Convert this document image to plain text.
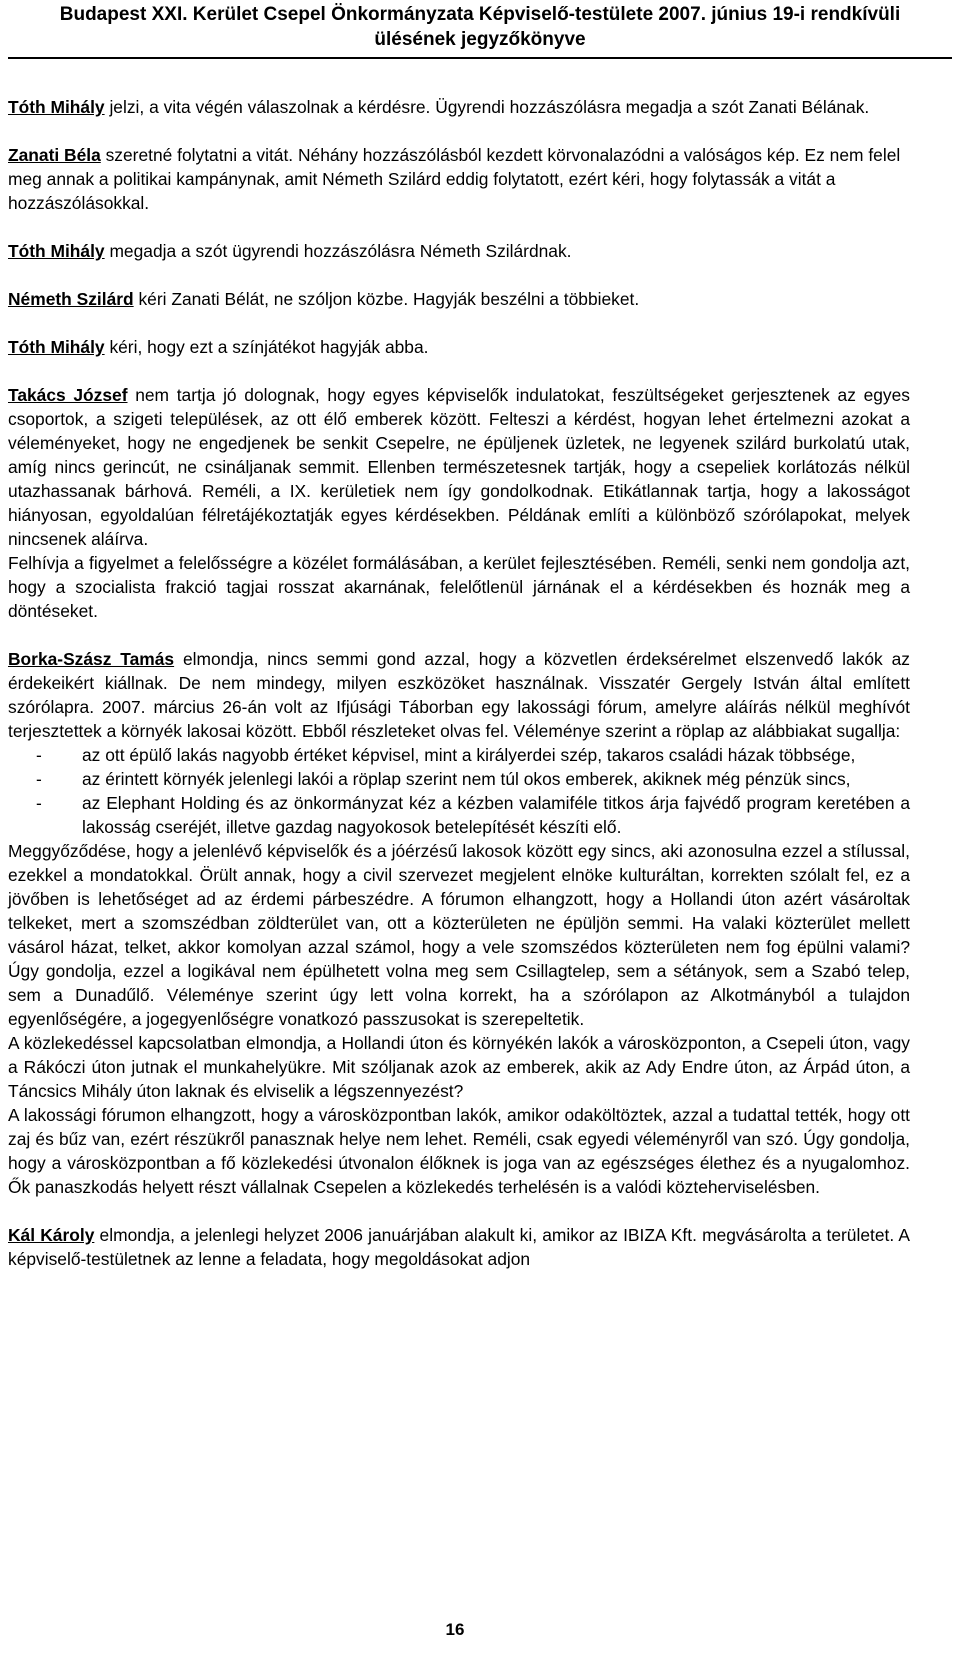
Budapest XXI. Kerület Csepel Önkormányzata Képviselő-testülete 2007. június 19-i rendkívüli
ülésének jegyzőkönyve

Tóth Mihály jelzi, a vita végén válaszolnak a kérdésre. Ügyrendi hozzászólásra megadja a szót Zanati Bélának.

Zanati Béla szeretné folytatni a vitát. Néhány hozzászólásból kezdett körvonalazódni a valóságos kép. Ez nem felel meg annak a politikai kampánynak, amit Németh Szilárd eddig folytatott, ezért kéri, hogy folytassák a vitát a hozzászólásokkal.

Tóth Mihály megadja a szót ügyrendi hozzászólásra Németh Szilárdnak.

Németh Szilárd kéri Zanati Bélát, ne szóljon közbe. Hagyják beszélni a többieket.

Tóth Mihály kéri, hogy ezt a színjátékot hagyják abba.

Takács József nem tartja jó dolognak, hogy egyes képviselők indulatokat, feszültségeket gerjesztenek az egyes csoportok, a szigeti települések, az ott élő emberek között. Felteszi a kérdést, hogyan lehet értelmezni azokat a véleményeket, hogy ne engedjenek be senkit Csepelre, ne épüljenek üzletek, ne legyenek szilárd burkolatú utak, amíg nincs gerincút, ne csináljanak semmit. Ellenben természetesnek tartják, hogy a csepeliek korlátozás nélkül utazhassanak bárhová. Reméli, a IX. kerületiek nem így gondolkodnak. Etikátlannak tartja, hogy a lakosságot hiányosan, egyoldalúan félretájékoztatják egyes kérdésekben. Példának említi a különböző szórólapokat, melyek nincsenek aláírva.

Felhívja a figyelmet a felelősségre a közélet formálásában, a kerület fejlesztésében. Reméli, senki nem gondolja azt, hogy a szocialista frakció tagjai rosszat akarnának, felelőtlenül járnának el a kérdésekben és hoznák meg a döntéseket.

Borka-Szász Tamás elmondja, nincs semmi gond azzal, hogy a közvetlen érdeksérelmet elszenvedő lakók az érdekeikért kiállnak. De nem mindegy, milyen eszközöket használnak. Visszatér Gergely István által említett szórólapra. 2007. március 26-án volt az Ifjúsági Táborban egy lakossági fórum, amelyre aláírás nélkül meghívót terjesztettek a környék lakosai között. Ebből részleteket olvas fel. Véleménye szerint a röplap az alábbiakat sugallja:

- az ott épülő lakás nagyobb értéket képvisel, mint a királyerdei szép, takaros családi házak többsége,
- az érintett környék jelenlegi lakói a röplap szerint nem túl okos emberek, akiknek még pénzük sincs,
- az Elephant Holding és az önkormányzat kéz a kézben valamiféle titkos árja fajvédő program keretében a lakosság cseréjét, illetve gazdag nagyokosok betelepítését készíti elő.

Meggyőződése, hogy a jelenlévő képviselők és a jóérzésű lakosok között egy sincs, aki azonosulna ezzel a stílussal, ezekkel a mondatokkal. Örült annak, hogy a civil szervezet megjelent elnöke kulturáltan, korrekten szólalt fel, ez a jövőben is lehetőséget ad az érdemi párbeszédre. A fórumon elhangzott, hogy a Hollandi úton azért vásároltak telkeket, mert a szomszédban zöldterület van, ott a közterületen ne épüljön semmi. Ha valaki közterület mellett vásárol házat, telket, akkor komolyan azzal számol, hogy a vele szomszédos közterületen nem fog épülni valami? Úgy gondolja, ezzel a logikával nem épülhetett volna meg sem Csillagtelep, sem a sétányok, sem a Szabó telep, sem a Dunadűlő. Véleménye szerint úgy lett volna korrekt, ha a szórólapon az Alkotmányból a tulajdon egyenlőségére, a jogegyenlőségre vonatkozó passzusokat is szerepeltetik.

A közlekedéssel kapcsolatban elmondja, a Hollandi úton és környékén lakók a városközponton, a Csepeli úton, vagy a Rákóczi úton jutnak el munkahelyükre. Mit szóljanak azok az emberek, akik az Ady Endre úton, az Árpád úton, a Táncsics Mihály úton laknak és elviselik a légszennyezést?

A lakossági fórumon elhangzott, hogy a városközpontban lakók, amikor odaköltöztek, azzal a tudattal tették, hogy ott zaj és bűz van, ezért részükről panasznak helye nem lehet. Reméli, csak egyedi véleményről van szó. Úgy gondolja, hogy a városközpontban a fő közlekedési útvonalon élőknek is joga van az egészséges élethez és a nyugalomhoz. Ők panaszkodás helyett részt vállalnak Csepelen a közlekedés terhelésén is a valódi közteherviselésben.

Kál Károly elmondja, a jelenlegi helyzet 2006 januárjában alakult ki, amikor az IBIZA Kft. megvásárolta a területet. A képviselő-testületnek az lenne a feladata, hogy megoldásokat adjon

16
